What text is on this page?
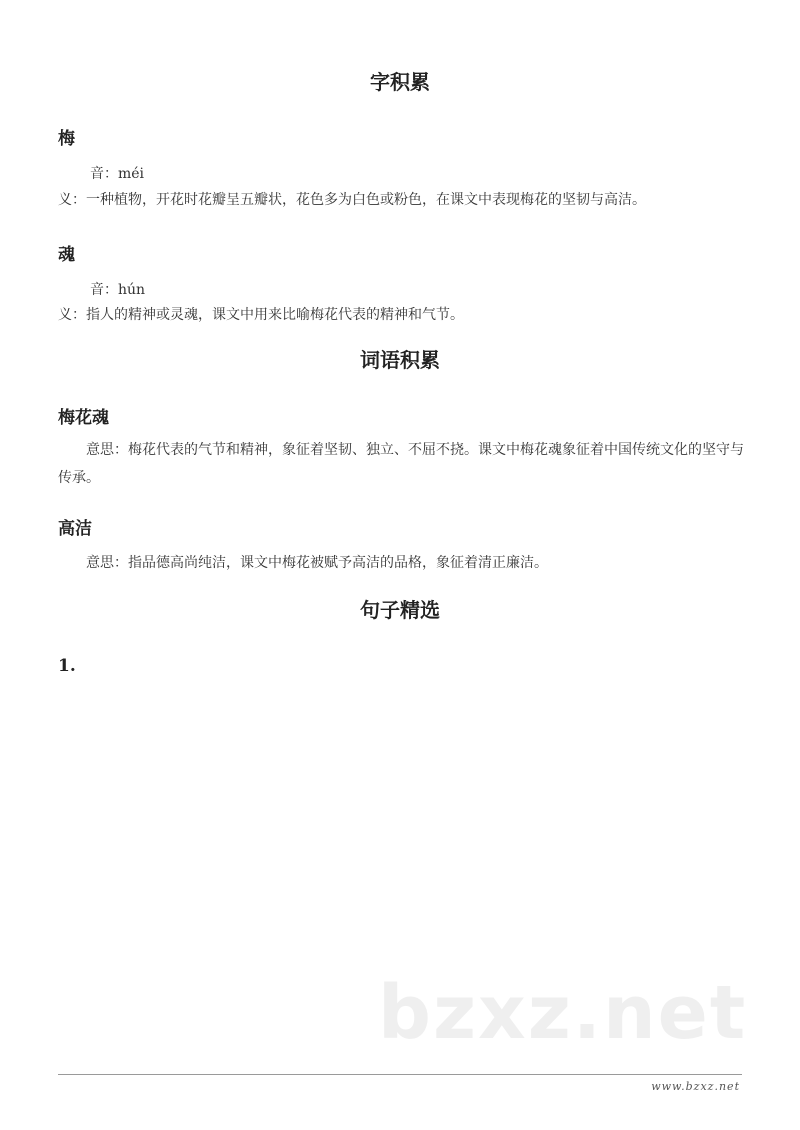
字积累
梅
音：méi
义：一种植物，开花时花瓣呈五瓣状，花色多为白色或粉色，在课文中表现梅花的坚韧与高洁。
魂
音：hún
义：指人的精神或灵魂，课文中用来比喻梅花代表的精神和气节。
词语积累
梅花魂
意思：梅花代表的气节和精神，象征着坚韧、独立、不屈不挠。课文中梅花魂象征着中国传统文化的坚守与传承。
高洁
意思：指品德高尚纯洁，课文中梅花被赋予高洁的品格，象征着清正廉洁。
句子精选
1.
bzxz.net
www.bzxz.net
